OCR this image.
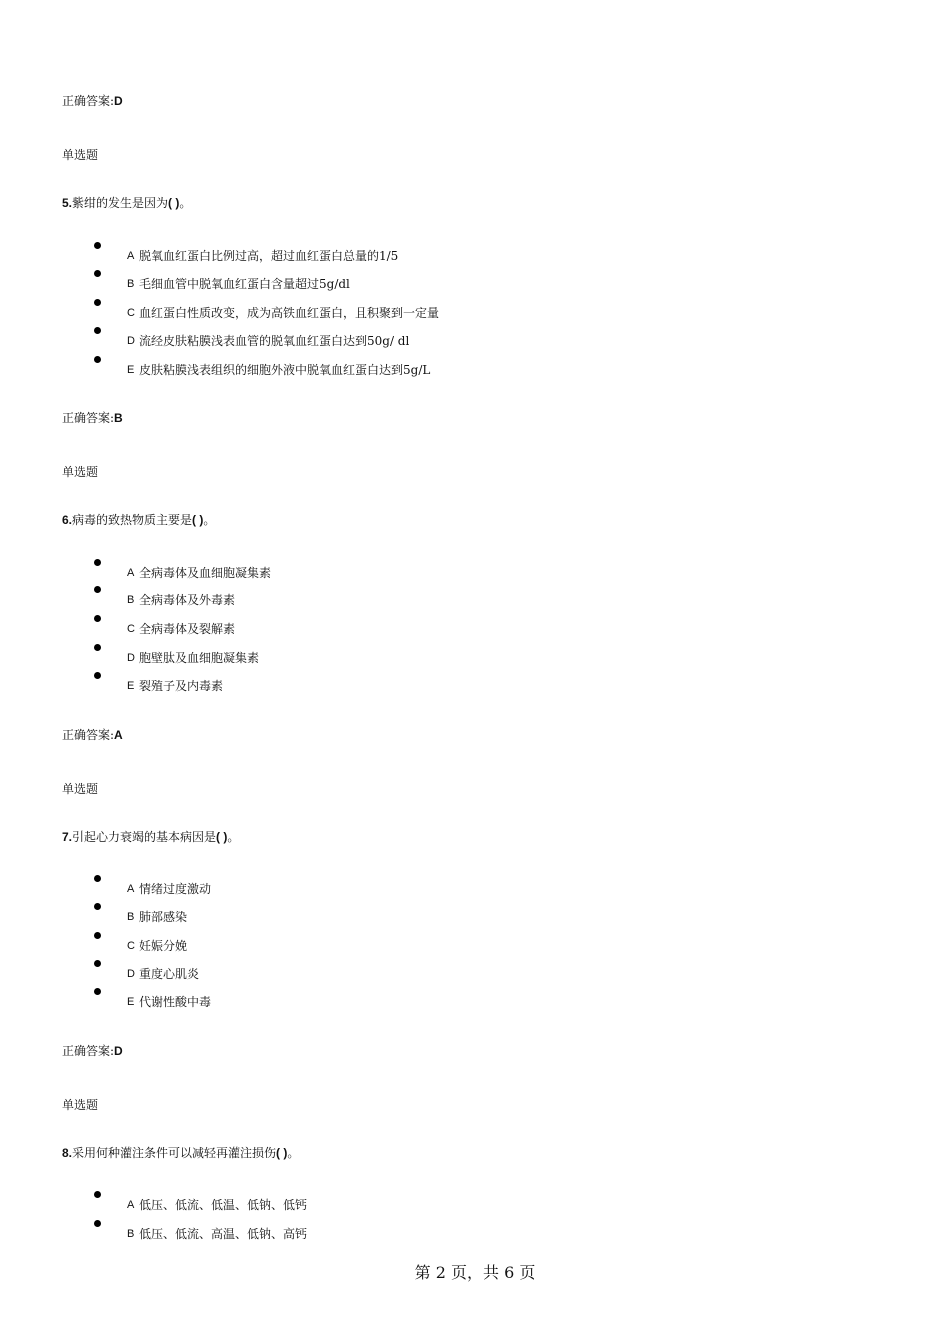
正确答案:D
单选题
5.紫绀的发生是因为( )。
A 脱氧血红蛋白比例过高，超过血红蛋白总量的1/5
B 毛细血管中脱氧血红蛋白含量超过5g/dl
C 血红蛋白性质改变，成为高铁血红蛋白，且积聚到一定量
D 流经皮肤粘膜浅表血管的脱氧血红蛋白达到50g/ dl
E 皮肤粘膜浅表组织的细胞外液中脱氧血红蛋白达到5g/L
正确答案:B
单选题
6.病毒的致热物质主要是( )。
A 全病毒体及血细胞凝集素
B 全病毒体及外毒素
C 全病毒体及裂解素
D 胞壁肽及血细胞凝集素
E 裂殖子及内毒素
正确答案:A
单选题
7.引起心力衰竭的基本病因是( )。
A 情绪过度激动
B 肺部感染
C 妊娠分娩
D 重度心肌炎
E 代谢性酸中毒
正确答案:D
单选题
8.采用何种灌注条件可以减轻再灌注损伤( )。
A 低压、低流、低温、低钠、低钙
B 低压、低流、高温、低钠、高钙
第 2 页，共 6 页
